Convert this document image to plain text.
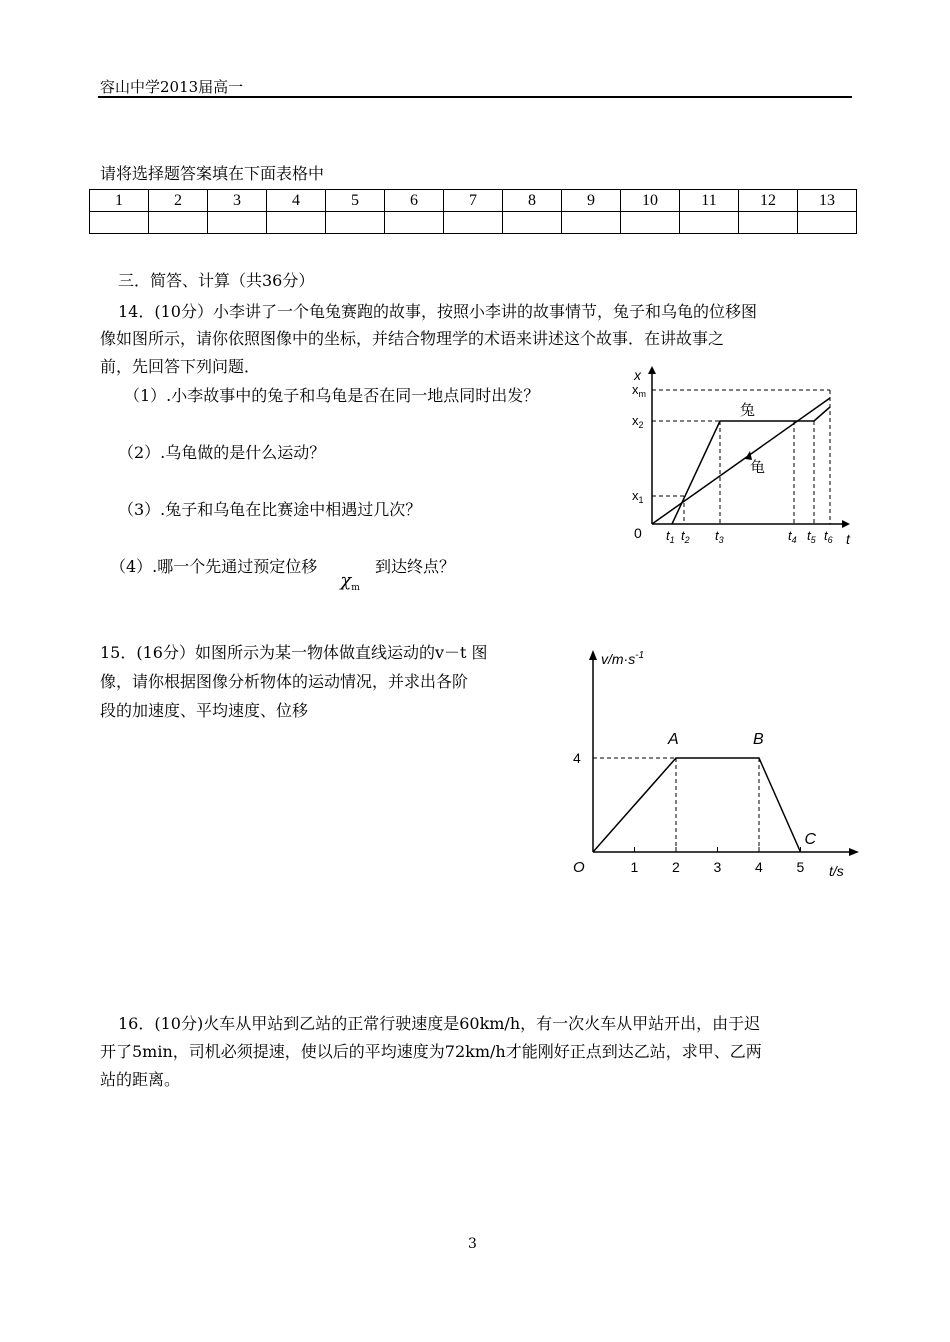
容山中学2013届高一
请将选择题答案填在下面表格中
1	2	3	4	5	6	7	8	9	10	11	12	13

三．简答、计算（共36分）
14．(10分）小李讲了一个龟兔赛跑的故事，按照小李讲的故事情节，兔子和乌龟的位移图
像如图所示，请你依照图像中的坐标，并结合物理学的术语来讲述这个故事．在讲故事之
前，先回答下列问题．
（1）.小李故事中的兔子和乌龟是否在同一地点同时出发？
（2）.乌龟做的是什么运动？
（3）.兔子和乌龟在比赛途中相遇过几次？
（4）.哪一个先通过预定位移 $\chi_m$ 到达终点？
兔
龟
x
t
0
$x_m$
$x_2$
$x_1$
$t_1$ $t_2$ $t_3$	$t_4$ $t_5$ $t_6$
15．(16分）如图所示为某一物体做直线运动的v－t 图
像，请你根据图像分析物体的运动情况，并求出各阶
段的加速度、平均速度、位移
$v/m\cdot s^{-1}$
t/s
1 2 3 4 5
4
O
A	B
C
16．(10分)火车从甲站到乙站的正常行驶速度是60km/h，有一次火车从甲站开出，由于迟
开了5min，司机必须提速，使以后的平均速度为72km/h才能刚好正点到达乙站，求甲、乙两
站的距离。
3
